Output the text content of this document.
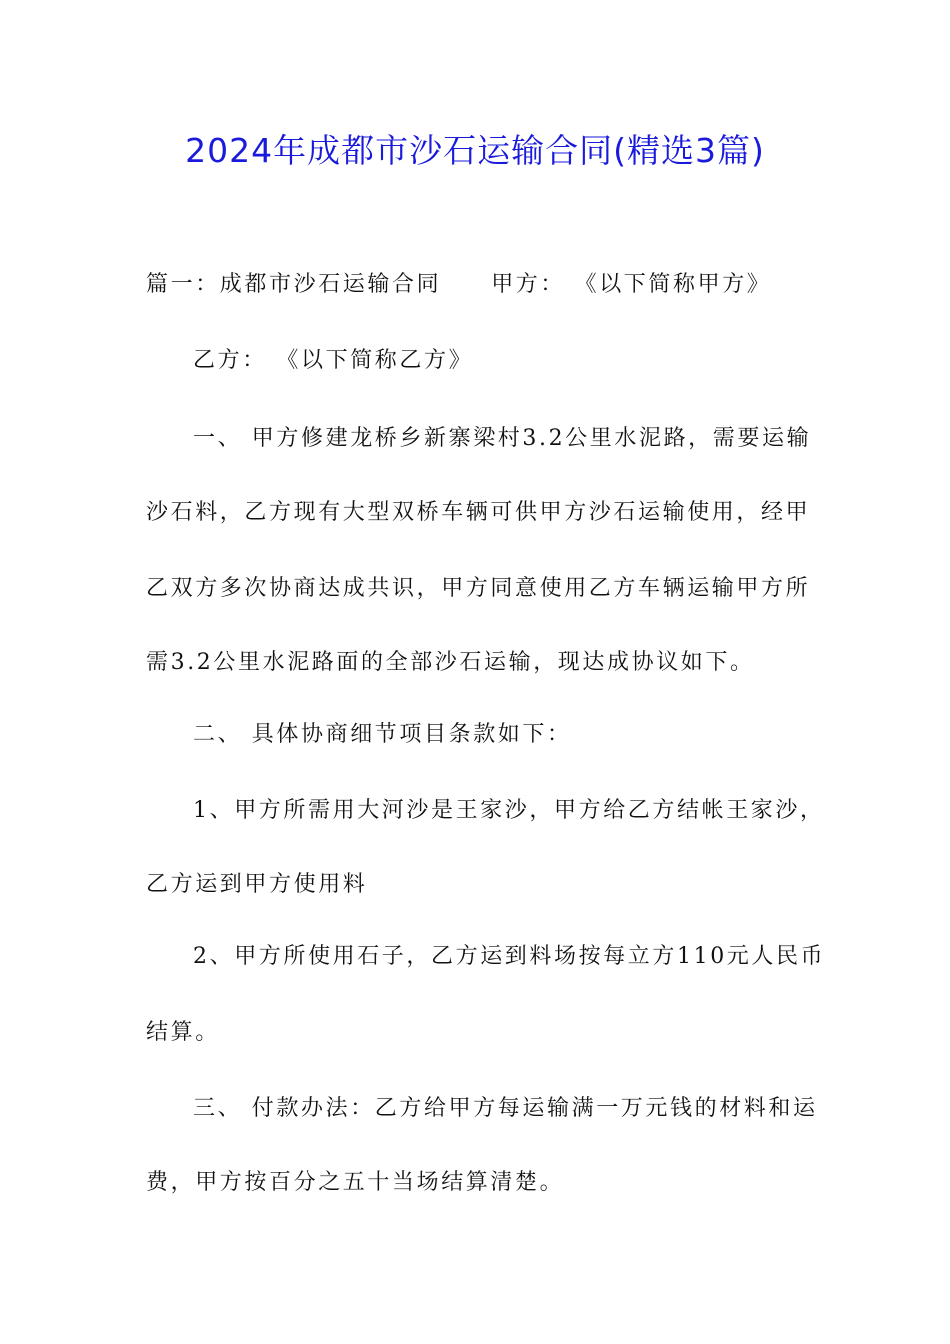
2024年成都市沙石运输合同(精选3篇)
篇一：成都市沙石运输合同 甲方： 《以下简称甲方》
乙方： 《以下简称乙方》
一、 甲方修建龙桥乡新寨梁村3.2公里水泥路，需要运输
沙石料，乙方现有大型双桥车辆可供甲方沙石运输使用，经甲
乙双方多次协商达成共识，甲方同意使用乙方车辆运输甲方所
需3.2公里水泥路面的全部沙石运输，现达成协议如下。
二、 具体协商细节项目条款如下：
1、甲方所需用大河沙是王家沙，甲方给乙方结帐王家沙，
乙方运到甲方使用料
2、甲方所使用石子，乙方运到料场按每立方110元人民币
结算。
三、 付款办法：乙方给甲方每运输满一万元钱的材料和运
费，甲方按百分之五十当场结算清楚。
